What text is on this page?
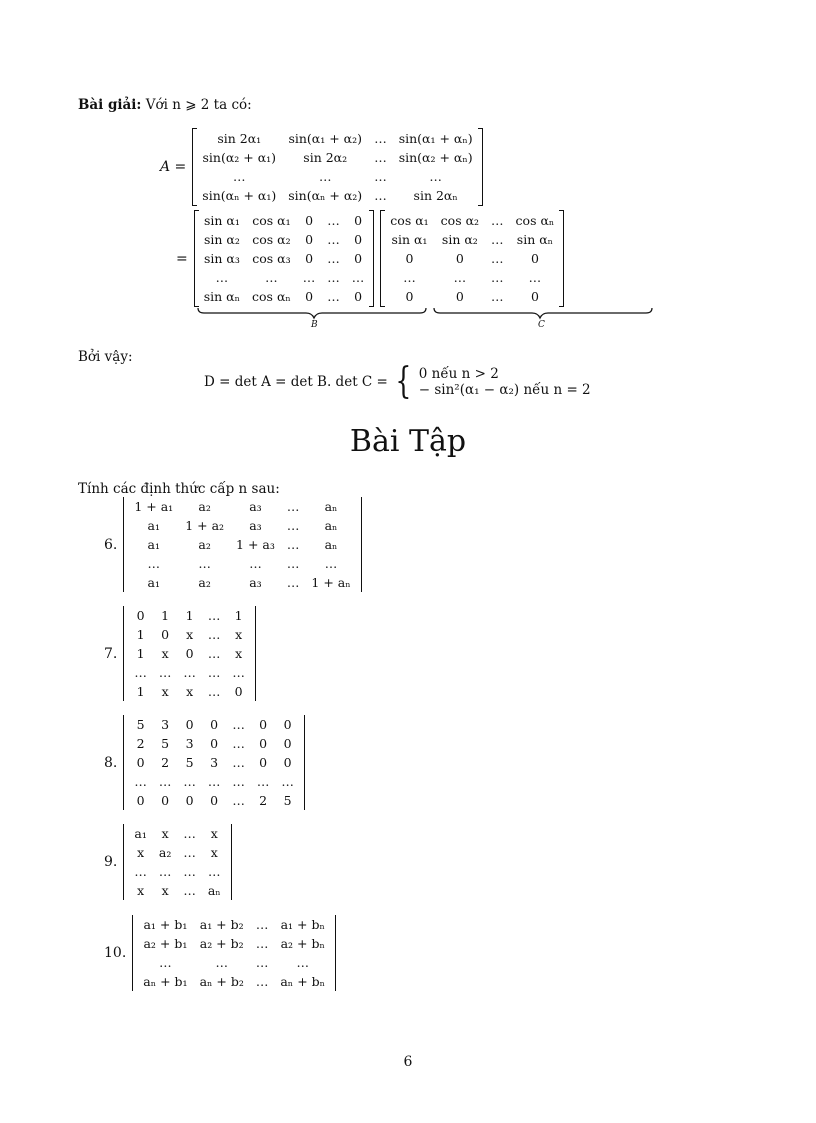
Bài giải: Với n ⩾ 2 ta có:
A =
sin 2α₁	sin(α₁ + α₂)	…	sin(α₁ + αₙ)
sin(α₂ + α₁)	sin 2α₂	…	sin(α₂ + αₙ)
…	…	…	…
sin(αₙ + α₁)	sin(αₙ + α₂)	…	sin 2αₙ
=
sin α₁	cos α₁	0	…	0
sin α₂	cos α₂	0	…	0
sin α₃	cos α₃	0	…	0
…	…	…	…	…
sin αₙ	cos αₙ	0	…	0
cos α₁	cos α₂	…	cos αₙ
sin α₁	sin α₂	…	sin αₙ
0	0	…	0
…	…	…	…
0	0	…	0
B	C
Bởi vậy:
D = det A = det B. det C = { 0 nếu n > 2
− sin²(α₁ − α₂) nếu n = 2
Bài Tập
Tính các định thức cấp n sau:
6.
1 + a₁	a₂	a₃	…	aₙ
a₁	1 + a₂	a₃	…	aₙ
a₁	a₂	1 + a₃	…	aₙ
…	…	…	…	…
a₁	a₂	a₃	…	1 + aₙ
7.
0	1	1	…	1
1	0	x	…	x
1	x	0	…	x
…	…	…	…	…
1	x	x	…	0
8.
5	3	0	0	…	0	0
2	5	3	0	…	0	0
0	2	5	3	…	0	0
…	…	…	…	…	…	…
0	0	0	0	…	2	5
9.
a₁	x	…	x
x	a₂	…	x
…	…	…	…
x	x	…	aₙ
10.
a₁ + b₁	a₁ + b₂	…	a₁ + bₙ
a₂ + b₁	a₂ + b₂	…	a₂ + bₙ
…	…	…	…
aₙ + b₁	aₙ + b₂	…	aₙ + bₙ
6
